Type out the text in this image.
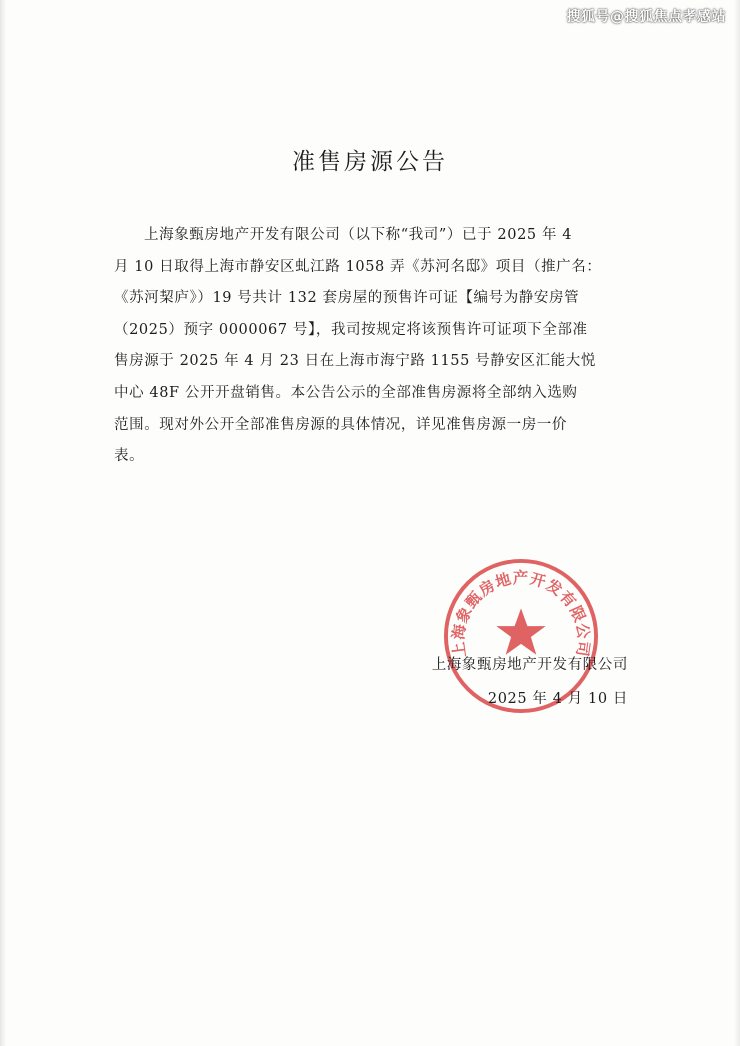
搜狐号@搜狐焦点孝感站
准售房源公告
上海象甄房地产开发有限公司（以下称“我司”）已于 2025 年 4
月 10 日取得上海市静安区虬江路 1058 弄《苏河名邸》项目（推广名：
《苏河栔庐》）19 号共计 132 套房屋的预售许可证【编号为静安房管
（2025）预字 0000067 号】，我司按规定将该预售许可证项下全部准
售房源于 2025 年 4 月 23 日在上海市海宁路 1155 号静安区汇能大悦
中心 48F 公开开盘销售。本公告公示的全部准售房源将全部纳入选购
范围。现对外公开全部准售房源的具体情况，详见准售房源一房一价
表。
上海象甄房地产开发有限公司
上海象甄房地产开发有限公司
2025 年 4 月 10 日
